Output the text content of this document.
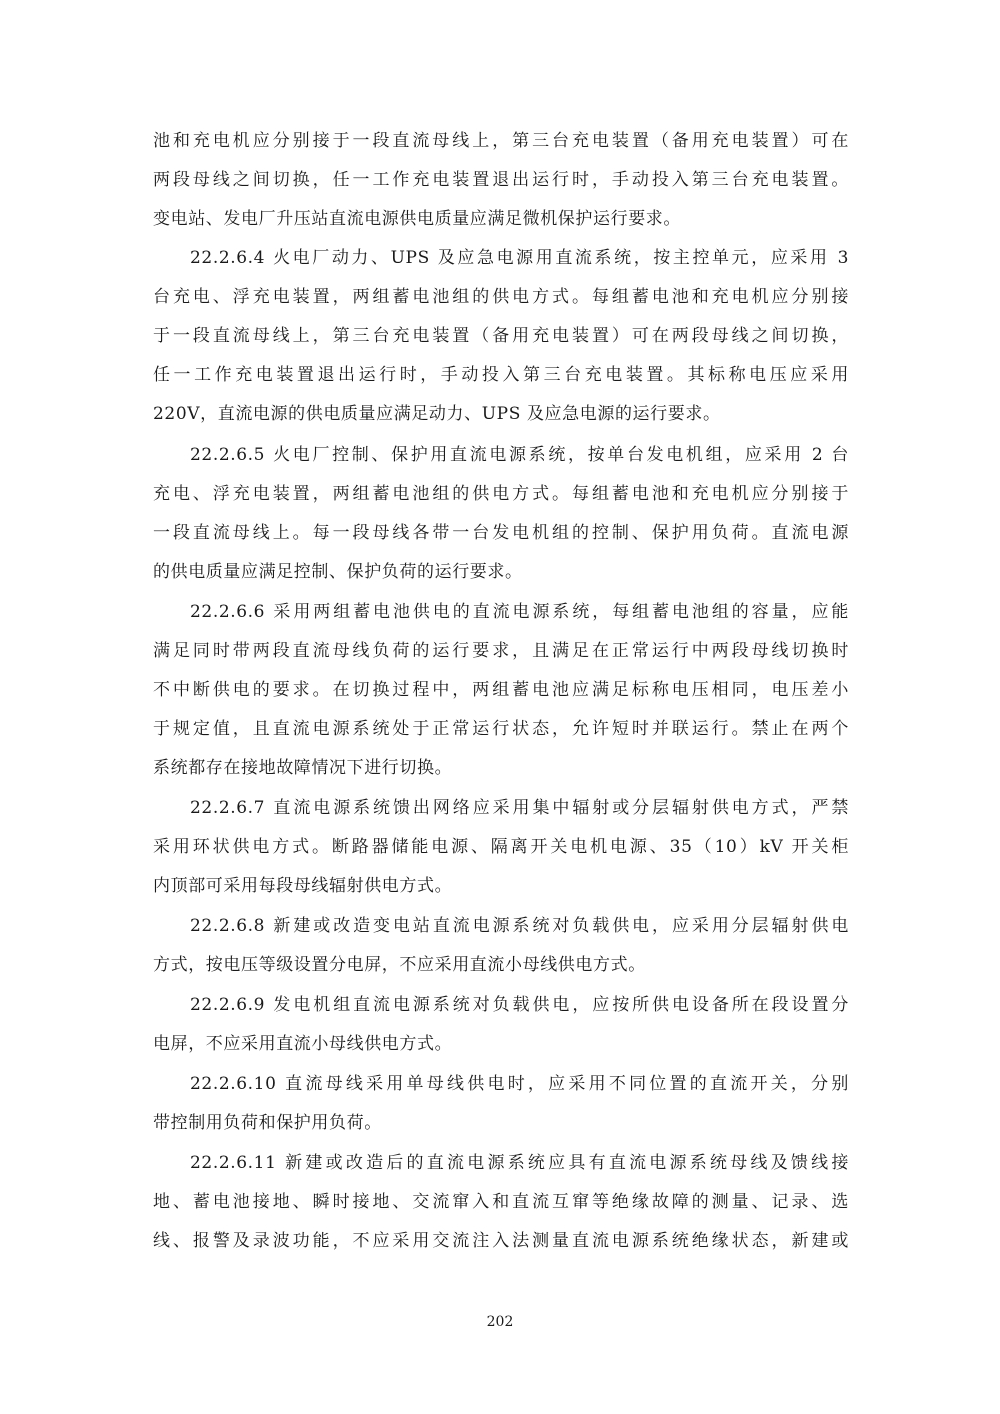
池和充电机应分别接于一段直流母线上，第三台充电装置（备用充电装置）可在
两段母线之间切换，任一工作充电装置退出运行时，手动投入第三台充电装置。
变电站、发电厂升压站直流电源供电质量应满足微机保护运行要求。
22.2.6.4 火电厂动力、UPS 及应急电源用直流系统，按主控单元，应采用 3
台充电、浮充电装置，两组蓄电池组的供电方式。每组蓄电池和充电机应分别接
于一段直流母线上，第三台充电装置（备用充电装置）可在两段母线之间切换，
任一工作充电装置退出运行时，手动投入第三台充电装置。其标称电压应采用
220V，直流电源的供电质量应满足动力、UPS 及应急电源的运行要求。
22.2.6.5 火电厂控制、保护用直流电源系统，按单台发电机组，应采用 2 台
充电、浮充电装置，两组蓄电池组的供电方式。每组蓄电池和充电机应分别接于
一段直流母线上。每一段母线各带一台发电机组的控制、保护用负荷。直流电源
的供电质量应满足控制、保护负荷的运行要求。
22.2.6.6 采用两组蓄电池供电的直流电源系统，每组蓄电池组的容量，应能
满足同时带两段直流母线负荷的运行要求，且满足在正常运行中两段母线切换时
不中断供电的要求。在切换过程中，两组蓄电池应满足标称电压相同，电压差小
于规定值，且直流电源系统处于正常运行状态，允许短时并联运行。禁止在两个
系统都存在接地故障情况下进行切换。
22.2.6.7 直流电源系统馈出网络应采用集中辐射或分层辐射供电方式，严禁
采用环状供电方式。断路器储能电源、隔离开关电机电源、35（10）kV 开关柜
内顶部可采用每段母线辐射供电方式。
22.2.6.8 新建或改造变电站直流电源系统对负载供电，应采用分层辐射供电
方式，按电压等级设置分电屏，不应采用直流小母线供电方式。
22.2.6.9 发电机组直流电源系统对负载供电，应按所供电设备所在段设置分
电屏，不应采用直流小母线供电方式。
22.2.6.10 直流母线采用单母线供电时，应采用不同位置的直流开关，分别
带控制用负荷和保护用负荷。
22.2.6.11 新建或改造后的直流电源系统应具有直流电源系统母线及馈线接
地、蓄电池接地、瞬时接地、交流窜入和直流互窜等绝缘故障的测量、记录、选
线、报警及录波功能，不应采用交流注入法测量直流电源系统绝缘状态，新建或
202
